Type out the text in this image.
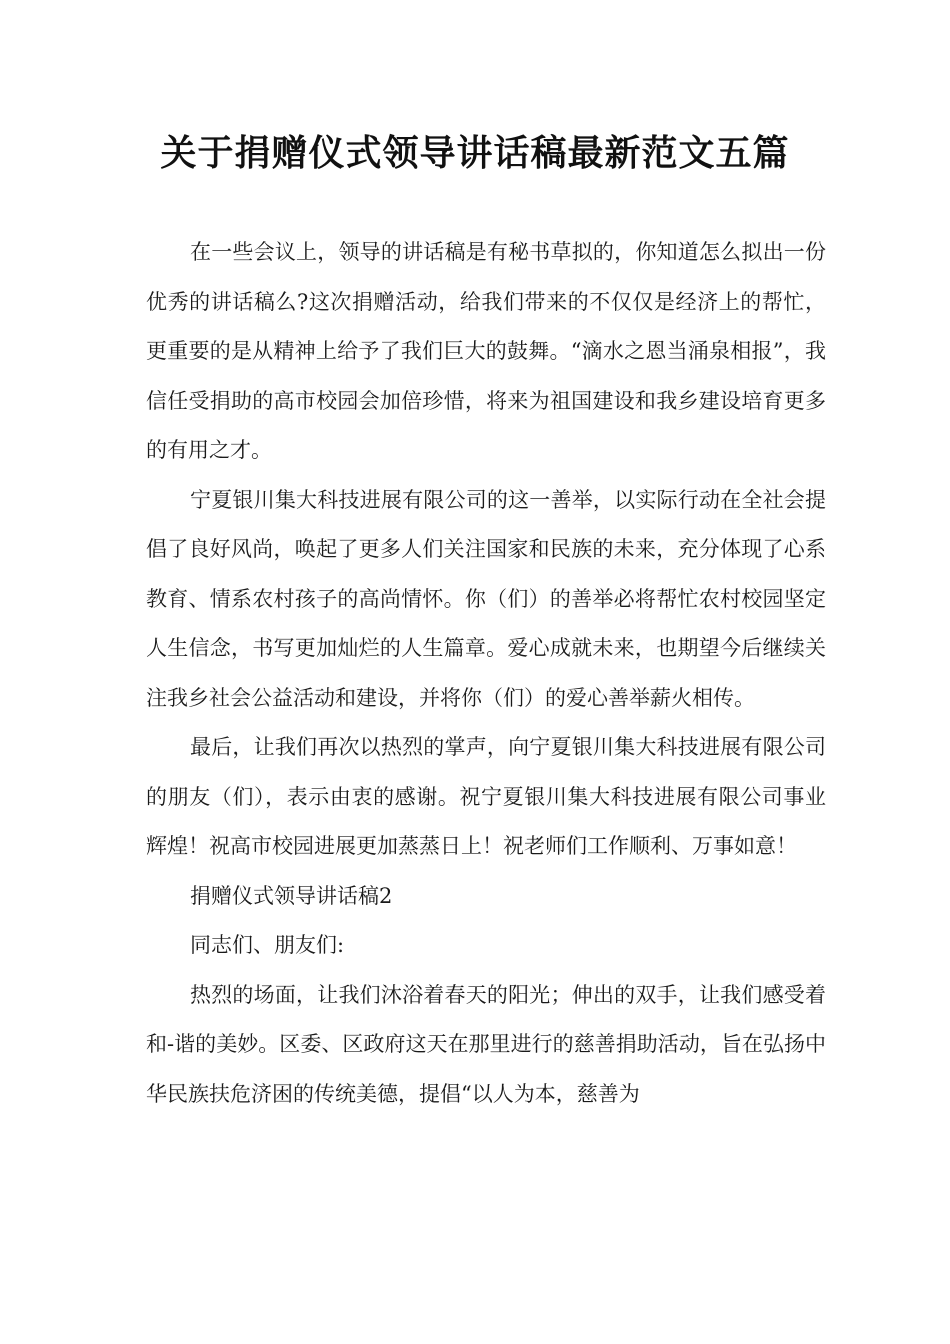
关于捐赠仪式领导讲话稿最新范文五篇

在一些会议上，领导的讲话稿是有秘书草拟的，你知道怎么拟出一份优秀的讲话稿么?这次捐赠活动，给我们带来的不仅仅是经济上的帮忙，更重要的是从精神上给予了我们巨大的鼓舞。“滴水之恩当涌泉相报”，我信任受捐助的高市校园会加倍珍惜，将来为祖国建设和我乡建设培育更多的有用之才。

宁夏银川集大科技进展有限公司的这一善举，以实际行动在全社会提倡了良好风尚，唤起了更多人们关注国家和民族的未来，充分体现了心系教育、情系农村孩子的高尚情怀。你（们）的善举必将帮忙农村校园坚定人生信念，书写更加灿烂的人生篇章。爱心成就未来，也期望今后继续关注我乡社会公益活动和建设，并将你（们）的爱心善举薪火相传。

最后，让我们再次以热烈的掌声，向宁夏银川集大科技进展有限公司的朋友（们），表示由衷的感谢。祝宁夏银川集大科技进展有限公司事业辉煌！祝高市校园进展更加蒸蒸日上！祝老师们工作顺利、万事如意！

捐赠仪式领导讲话稿2

同志们、朋友们:

热烈的场面，让我们沐浴着春天的阳光；伸出的双手，让我们感受着和-谐的美妙。区委、区政府这天在那里进行的慈善捐助活动，旨在弘扬中华民族扶危济困的传统美德，提倡“以人为本，慈善为
